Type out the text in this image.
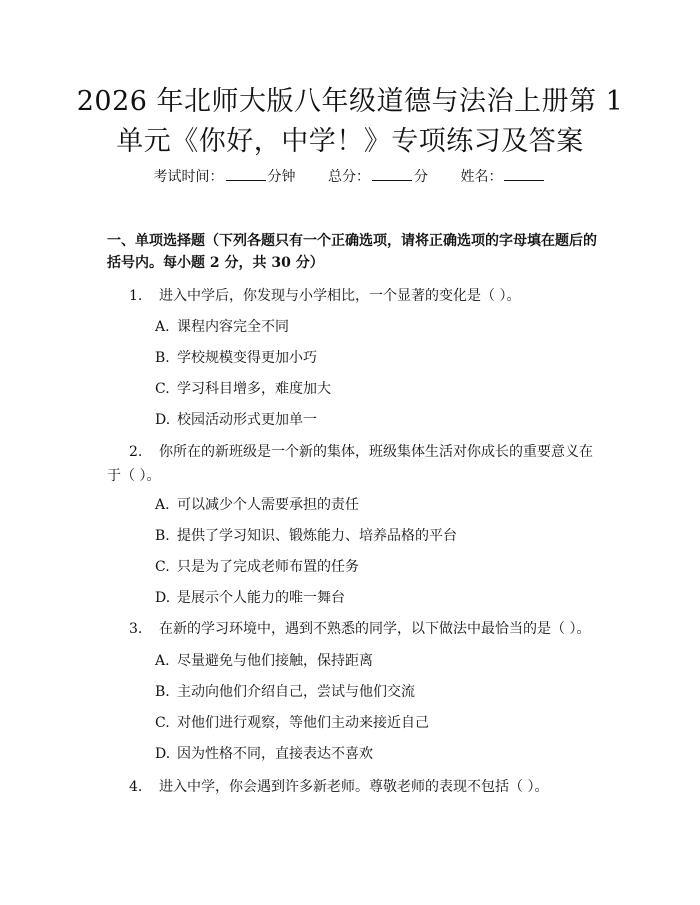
2026 年北师大版八年级道德与法治上册第 1
单元《你好，中学！》专项练习及答案
考试时间：	分钟 总分：	分 姓名：
一、单项选择题（下列各题只有一个正确选项，请将正确选项的字母填在题后的括号内。每小题 2 分，共 30 分）
1. 进入中学后，你发现与小学相比，一个显著的变化是（ ）。
A. 课程内容完全不同
B. 学校规模变得更加小巧
C. 学习科目增多，难度加大
D. 校园活动形式更加单一
2. 你所在的新班级是一个新的集体，班级集体生活对你成长的重要意义在于（ ）。
A. 可以减少个人需要承担的责任
B. 提供了学习知识、锻炼能力、培养品格的平台
C. 只是为了完成老师布置的任务
D. 是展示个人能力的唯一舞台
3. 在新的学习环境中，遇到不熟悉的同学，以下做法中最恰当的是（ ）。
A. 尽量避免与他们接触，保持距离
B. 主动向他们介绍自己，尝试与他们交流
C. 对他们进行观察，等他们主动来接近自己
D. 因为性格不同，直接表达不喜欢
4. 进入中学，你会遇到许多新老师。尊敬老师的表现不包括（ ）。
